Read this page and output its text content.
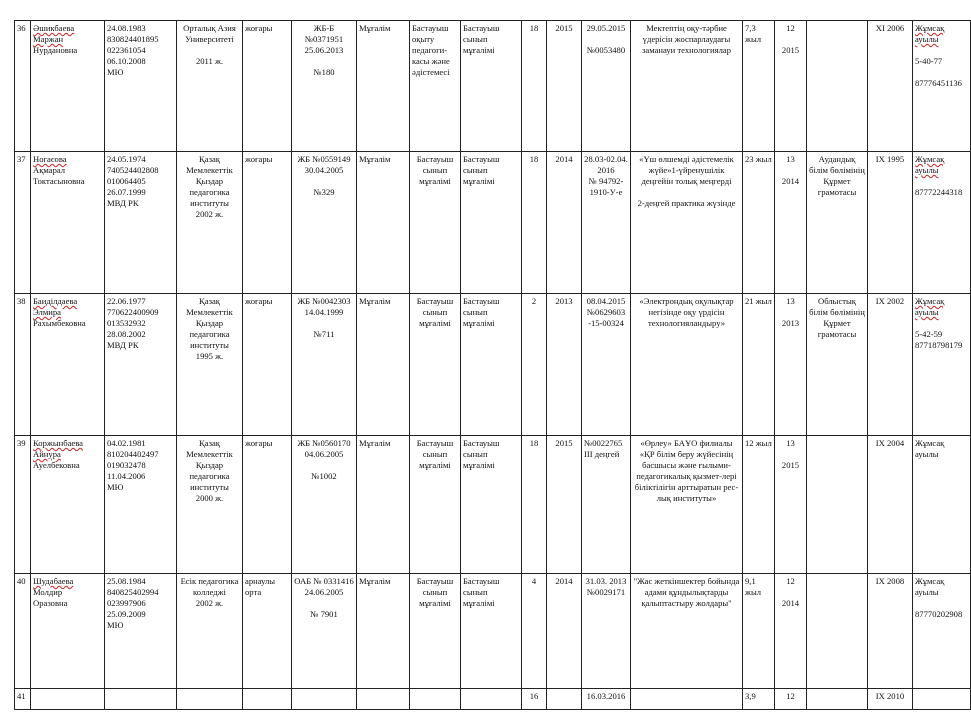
36	Әшикбаева
Маржан
Нурдановна	24.08.1983
830824401895
022361054
06.10.2008
МЮ	Орталық Азия Университеті
2011 ж.	жоғары	ЖБ-Б №0371951 25.06.2013
№180	Мұғалім	Бастауыш оқыту педагоги-касы және әдістемесі	Бастауыш сынып мұғалімі	18	2015	29.05.2015
№0053480	Мектептің оқу-тәрбие үдерісін жоспарлаудағы заманауи технологиялар	7,3 жыл	12
2015		XI 2006	Жұмсақ ауылы
5-40-77
87776451136

37	Ногаєова
Ақмарал
Токтасыновна	24.05.1974
740524402808
010064405
26.07.1999
МВД РК	Қазақ Мемлекеттік Қыздар педагогика институты
2002 ж.	жоғары	ЖБ №0559149 30.04.2005
№329	Мұғалім	Бастауыш сынып мұғалімі	Бастауыш сынып мұғалімі	18	2014	28.03-02.04. 2016
№ 94792-1910-У-е	«Үш өлшемді әдістемелік жүйе»1-үйренушілік деңгейін толық меңгерді
2-деңгей практика жүзінде	23 жыл	13
2014	Аудандық білім бөлімінің Құрмет грамотасы	IX 1995	Жұмсақ ауылы
87772244318

38	Баиділдаева
Элмира
Рахымбековна	22.06.1977
770622400909
013532932
28.08.2002
МВД РК	Қазақ Мемлекеттік Қыздар педагогика институты
1995 ж.	жоғары	ЖБ №0042303 14.04.1999
№711	Мұғалім	Бастауыш сынып мұғалімі	Бастауыш сынып мұғалімі	2	2013	08.04.2015 №0629603 -15-00324	«Электрондық оқулықтар негізінде оқу үрдісін технологияландыру»	21 жыл	13
2013	Облыстық білім бөлімінің Құрмет грамотасы	IX 2002	Жұмсақ ауылы
5-42-59
87718798179

39	Коржынбаева
Айнура
Ауелбековна	04.02.1981
810204402497
019032478
11.04.2006
МЮ	Қазақ Мемлекеттік Қыздар педагогика институты
2000 ж.	жоғары	ЖБ №0560170 04.06.2005
№1002	Мұғалім	Бастауыш сынып мұғалімі	Бастауыш сынып мұғалімі	18	2015	№0022765 III деңгей	«Өрлеу» БАҰО филиалы «ҚР білім беру жүйесінің басшысы және ғылыми-педагогикалық қызмет-лері біліктілігін арттыратын рес-лық институты»	12 жыл	13
2015		IX 2004	Жұмсақ ауылы

40	Шудабаева
Молдир
Оразовна	25.08.1984
840825402994
023997906
25.09.2009
МЮ	Есік педагогика колледжі
2002 ж.	арнаулы орта	ОАБ № 0331416 24.06.2005
№ 7901	Мұғалім	Бастауыш сынып мұғалімі	Бастауыш сынып мұғалімі	4	2014	31.03. 2013 №0029171	"Жас жеткіншектер бойында адами құндылықтарды қалыптастыру жолдары"	9,1 жыл	12
2014		IX 2008	Жұмсақ ауылы
87770202908

41									16		16.03.2016		3,9	12		IX 2010	
